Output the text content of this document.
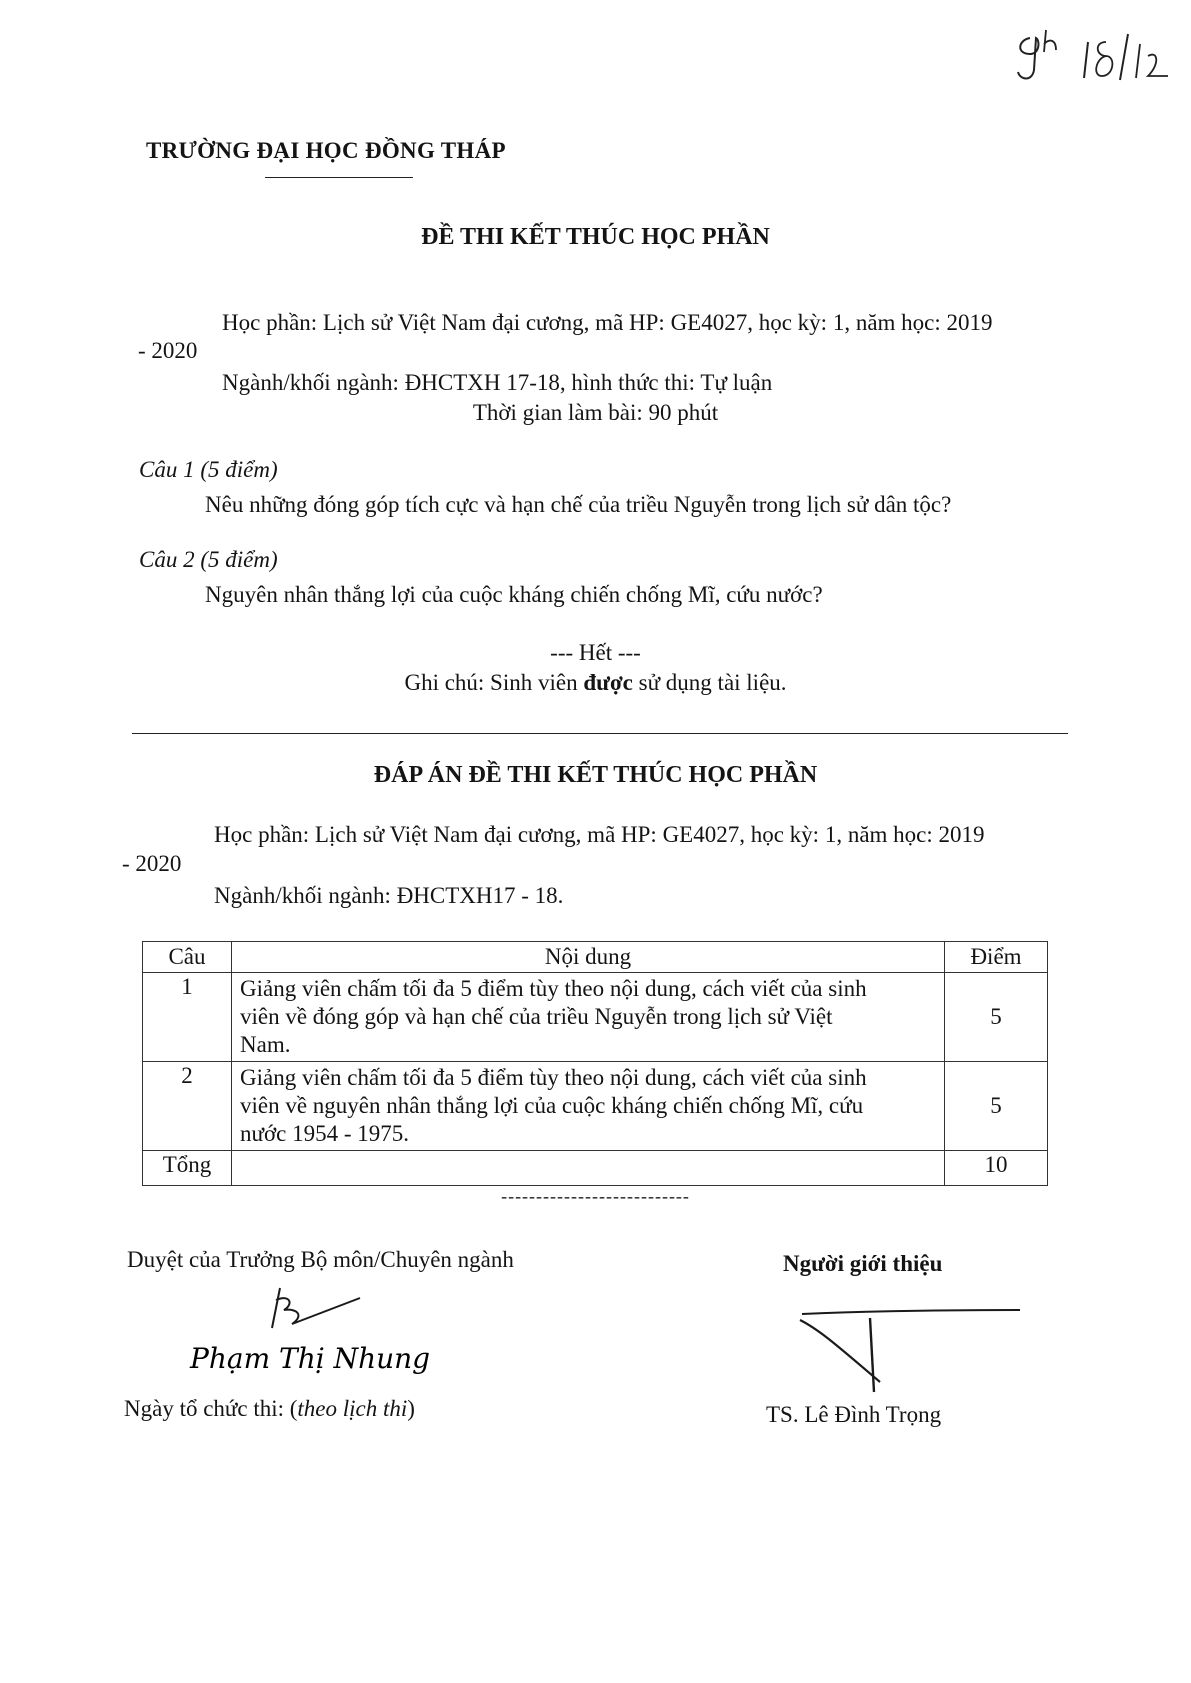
TRƯỜNG ĐẠI HỌC ĐỒNG THÁP
ĐỀ THI KẾT THÚC HỌC PHẦN
Học phần: Lịch sử Việt Nam đại cương, mã HP: GE4027, học kỳ: 1, năm học: 2019
- 2020
Ngành/khối ngành: ĐHCTXH 17-18, hình thức thi: Tự luận
Thời gian làm bài: 90 phút
Câu 1 (5 điểm)
Nêu những đóng góp tích cực và hạn chế của triều Nguyễn trong lịch sử dân tộc?
Câu 2 (5 điểm)
Nguyên nhân thắng lợi của cuộc kháng chiến chống Mĩ, cứu nước?
--- Hết ---
Ghi chú: Sinh viên được sử dụng tài liệu.
ĐÁP ÁN ĐỀ THI KẾT THÚC HỌC PHẦN
Học phần: Lịch sử Việt Nam đại cương, mã HP: GE4027, học kỳ: 1, năm học: 2019
- 2020
Ngành/khối ngành: ĐHCTXH17 - 18.
Câu	Nội dung	Điểm
1	Giảng viên chấm tối đa 5 điểm tùy theo nội dung, cách viết của sinh
viên về đóng góp và hạn chế của triều Nguyễn trong lịch sử Việt
Nam.	5
2	Giảng viên chấm tối đa 5 điểm tùy theo nội dung, cách viết của sinh
viên về nguyên nhân thắng lợi của cuộc kháng chiến chống Mĩ, cứu
nước 1954 - 1975.	5
Tổng		10
---------------------------
Duyệt của Trưởng Bộ môn/Chuyên ngành	Người giới thiệu
Phạm Thị Nhung
Ngày tổ chức thi: (theo lịch thi)	TS. Lê Đình Trọng
